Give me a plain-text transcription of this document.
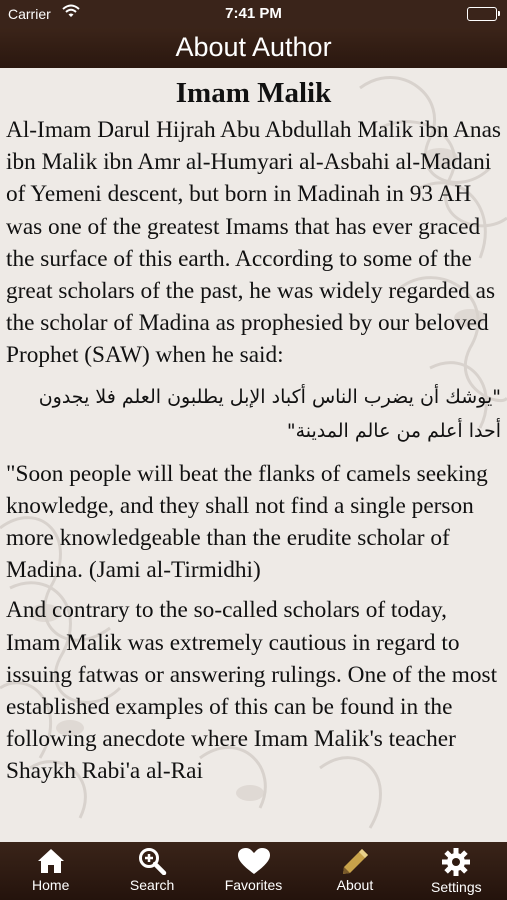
Carrier	7:41 PM
About Author
Imam Malik

Al-Imam Darul Hijrah Abu Abdullah Malik ibn Anas ibn Malik ibn Amr al-Humyari al-Asbahi al-Madani of Yemeni descent, but born in Madinah in 93 AH was one of the greatest Imams that has ever graced the surface of this earth. According to some of the great scholars of the past, he was widely regarded as the scholar of Madina as prophesied by our beloved Prophet (SAW) when he said:

"يوشك أن يضرب الناس أكباد الإبل يطلبون العلم فلا يجدون أحدا أعلم من عالم المدينة"

"Soon people will beat the flanks of camels seeking knowledge, and they shall not find a single person more knowledgeable than the erudite scholar of Madina. (Jami al-Tirmidhi)

And contrary to the so-called scholars of today, Imam Malik was extremely cautious in regard to issuing fatwas or answering rulings. One of the most established examples of this can be found in the following anecdote where Imam Malik's teacher Shaykh Rabi'a al-Rai

Home	Search	Favorites	About	Settings
